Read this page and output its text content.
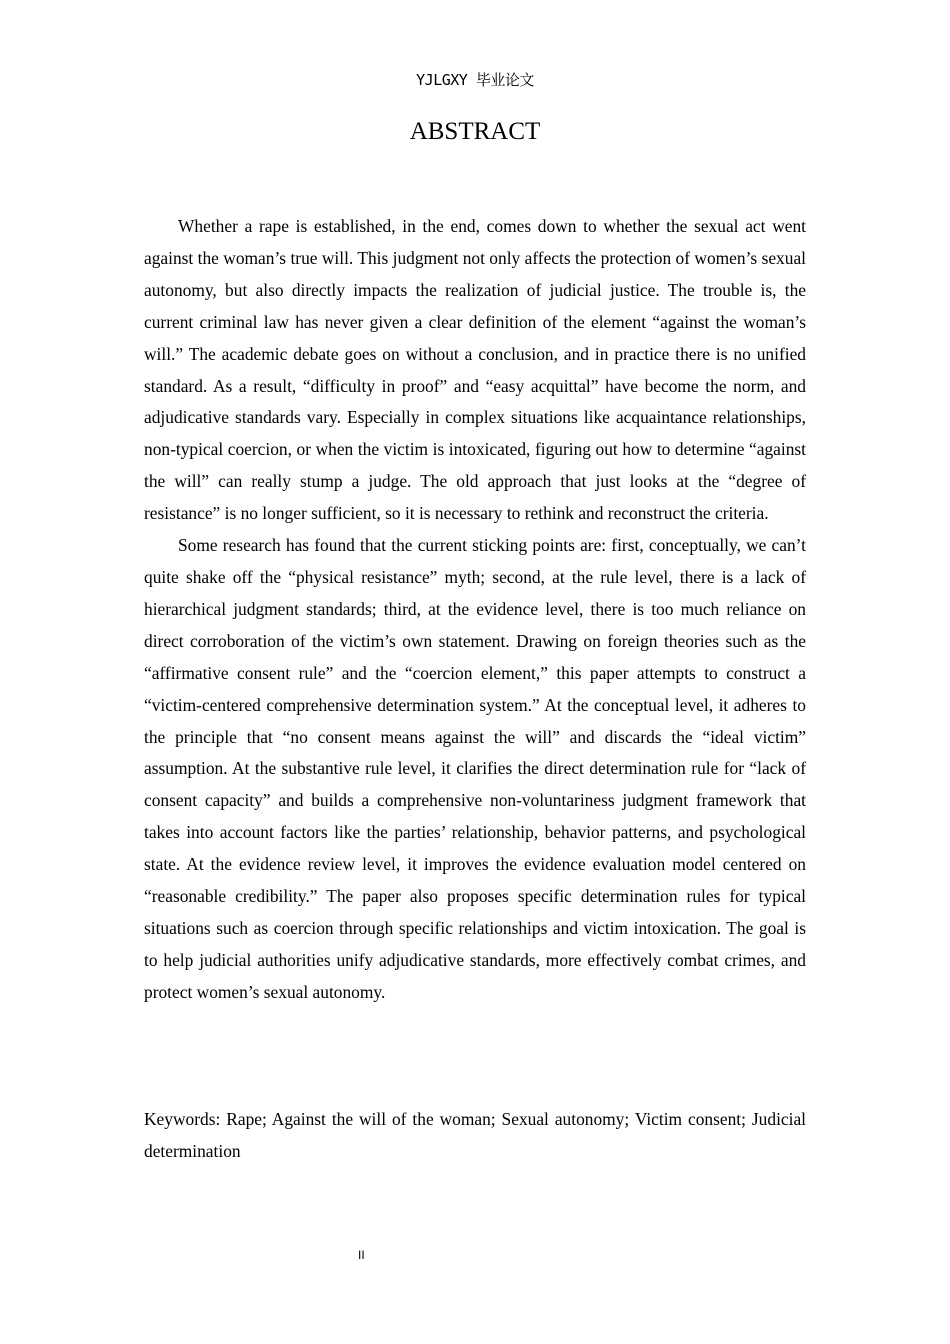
YJLGXY 毕业论文
ABSTRACT

Whether a rape is established, in the end, comes down to whether the sexual act went against the woman’s true will. This judgment not only affects the protection of women’s sexual autonomy, but also directly impacts the realization of judicial justice. The trouble is, the current criminal law has never given a clear definition of the element “against the woman’s will.” The academic debate goes on without a conclusion, and in practice there is no unified standard. As a result, “difficulty in proof” and “easy acquittal” have become the norm, and adjudicative standards vary. Especially in complex situations like acquaintance relationships, non-typical coercion, or when the victim is intoxicated, figuring out how to determine “against the will” can really stump a judge. The old approach that just looks at the “degree of resistance” is no longer sufficient, so it is necessary to rethink and reconstruct the criteria.

Some research has found that the current sticking points are: first, conceptually, we can’t quite shake off the “physical resistance” myth; second, at the rule level, there is a lack of hierarchical judgment standards; third, at the evidence level, there is too much reliance on direct corroboration of the victim’s own statement. Drawing on foreign theories such as the “affirmative consent rule” and the “coercion element,” this paper attempts to construct a “victim-centered comprehensive determination system.” At the conceptual level, it adheres to the principle that “no consent means against the will” and discards the “ideal victim” assumption. At the substantive rule level, it clarifies the direct determination rule for “lack of consent capacity” and builds a comprehensive non-voluntariness judgment framework that takes into account factors like the parties’ relationship, behavior patterns, and psychological state. At the evidence review level, it improves the evidence evaluation model centered on “reasonable credibility.” The paper also proposes specific determination rules for typical situations such as coercion through specific relationships and victim intoxication. The goal is to help judicial authorities unify adjudicative standards, more effectively combat crimes, and protect women’s sexual autonomy.

Keywords: Rape; Against the will of the woman; Sexual autonomy; Victim consent; Judicial determination

II
